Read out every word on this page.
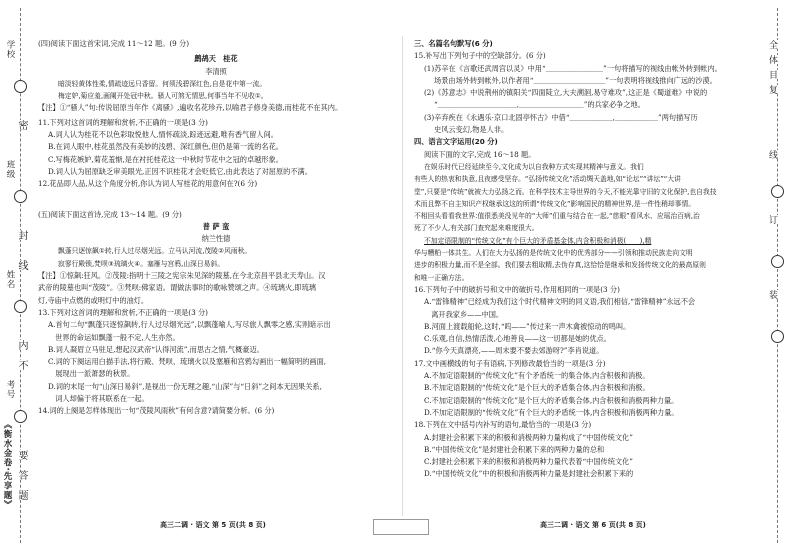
《衡水金卷·先享题》
学校
班级
姓名
考号
密
封
线
内
不
要
答
题
全
体
目
复
线
订
装

(四)阅读下面这首宋词,完成 11～12 题。(9 分)

鹧鸪天　桂花

李清照

暗淡轻黄体性柔,情疏迹远只香留。何须浅碧深红色,自是花中第一流。

梅定妒,菊应羞,画阑开处冠中秋。骚人可煞无情思,何事当年不见收①。

【注】①“骚人”句:传说屈原当年作《离骚》,遍收名花珍卉,以喻君子修身美德,而桂花不在其内。

11.下列对这首词的理解和赏析,不正确的一项是(3 分)

A.词人认为桂花不以色彩取悦他人,情怀疏淡,踪迹远避,唯有香气留人间。

B.在词人眼中,桂花虽然没有美妙的浅碧、深红颜色,但仍是第一流的名花。

C.写梅花嫉妒,菊花羞惭,是在衬托桂花这一中秋时节花中之冠的卓越形象。

D.词人认为屈原缺乏审美眼光,正因不识桂花才会贬低它,由此表达了对屈原的不满。

12.花品即人品,从这个角度分析,你认为词人写桂花的用意何在?(6 分)

(五)阅读下面这首诗,完成 13～14 题。(9 分)

普 萨 蛮

纳兰性德

飘蓬只逐惊飙①转,行人过尽烟光远。立马认河流,茂陵②风雨秋。

寂寥行殿锁,梵呗③琉璃火④。塞雁与宫鸦,山深日易斜。

【注】①惊飙:狂风。②茂陵:指明十三陵之宪宗朱见深的陵墓,在今北京昌平县北天寿山。汉

武帝的陵墓也叫“茂陵”。③梵呗:佛家语。谓做法事时的歌咏赞颂之声。④琉璃火,即琉璃

灯,寺庙中点燃的或明灯中的油灯。

13.下列对这首词的理解和赏析,不正确的一项是(3 分)

A.首句二句“飘蓬只逐惊飙转,行人过尽烟光远”,以飘蓬喻人,写尽旅人飘零之感,实则暗示出

　世界的命运如飘蓬一般不定,人生亦然。

B.词人凝眉立马驻足,想起汉武帝“认得河流”,而思古之情,气概豪迈。

C.词的下阕运用白描手法,将行殿、梵呗、琉璃火以及塞雁和宫鸦勾画出一幅简明的画面,

　展现出一派萧瑟的秋景。

D.词的末尾一句“山深日易斜”,是视出一份无理之趣,“山深”与“日斜”之间本无因果关系,

　词人却偏于将其联系在一起。

14.词的上阕是怎样体现出一句“茂陵风雨秋”有何含意?请简要分析。(6 分)

三、名篇名句默写(6 分)

15.补写出下列句子中的空缺部分。(6 分)

(1)苏辛在《言歌还武周宫以灵》中用“＿＿＿＿＿＿＿＿”一句将描写的视线由帐外转到帐内。

场景由场外转到帐外,以作者用“＿＿＿＿＿＿＿＿＿＿”一句表明将视线推向广远的沙漠。

(2)《苏意志》中说荆州的镇阳关“四面陡立,大夫溯洄,易守难攻”,这正是《蜀道难》中说的

“＿＿＿＿＿＿＿＿＿＿＿,＿＿＿＿＿＿＿＿＿”的兵家必争之地。

(3)辛弃疾在《永遇乐·京口北固亭怀古》中借“＿＿＿＿＿＿,＿＿＿＿＿＿”两句描写历

史风云变幻,物是人非。

四、语言文字运用(20 分)

阅读下面的文字,完成 16～18 题。

在娱乐时代已经延续至今,文化成为以自我种方式实现其精神与意义。我们

有些人的热衷和执意,且夜感受坚存。“弘扬传统文化”活动绸天盖地,如“论坛”“讲坛”“大讲

堂”,只要是“传统”就被大力弘扬之而。在科学技术主导世界的今天,不能光靠守旧的文化保护,也自我技

术而且弊不自主知识产权继承这这的所谓“传统文化”影响国民的精神世界,是一件性稍却事情。

不相回头看看我世界:值很悉美没见年的“大师”们重与结合在一起,“慈眼”看风水、应瑶治百病,治

死了不少人,有关部门查究起来难度很大。

不加定语限制的“传统文化”有个巨大的矛盾基金体,内含积极和消极(　　),精

华与糟粕一体共生。人们在大力弘扬的是传统文化中的优秀部分——引领和推动民族走向文明

进步的积极力量,而不是全部。我们要去粗取精,去伪存真,这恰恰是继承和发扬传统文化的最高原则

和唯一正确方法。

16.下列句子中的破折号和文中的破折号,作用相同的一项是(3 分)

A.“雷锋精神”已经成为我们这个时代精神文明的同义语,我们相信,“雷锋精神”永远不会

　离开我家乡——中国。

B.河面上渡载船轮,这时,“呜——”传过来一声木禽被惊动的鸣叫。

C.乐观,自信,热情活泼,心地善良——这一切都是她的优点。

D.“你今天真漂亮,——周末要不要去郊游呀?”李肖说道。

17.文中画横线的句子有语病,下列修改最恰当的一项是(3 分)

A.不加定语限制的“传统文化”有个矛盾统一的集合体,内含积极和消极。

B.不加定语限制的“传统文化”是个巨大的矛盾集合体,内含积极和消极。

C.不加定语限制的“传统文化”是个巨大的矛盾集合体,内含积极和消极两种力量。

D.不加定语限制的“传统文化”有个巨大的矛盾统一体,内含积极和消极两种力量。

18.下列在文中括号内补写的语句,最恰当的一项是(3 分)

A.封建社会积累下来的积极和消极两种力量构成了“中国传统文化”

B.“中国传统文化”是封建社会积累下来的两种力量的总和

C.封建社会积累下来的积极和消极两种力量代表着“中国传统文化”

D.“中国传统文化”中的积极和消极两种力量是封建社会积累下来的

高三二调 · 语文 第 5 页(共 8 页)	高三二调 · 语文 第 6 页(共 8 页)
